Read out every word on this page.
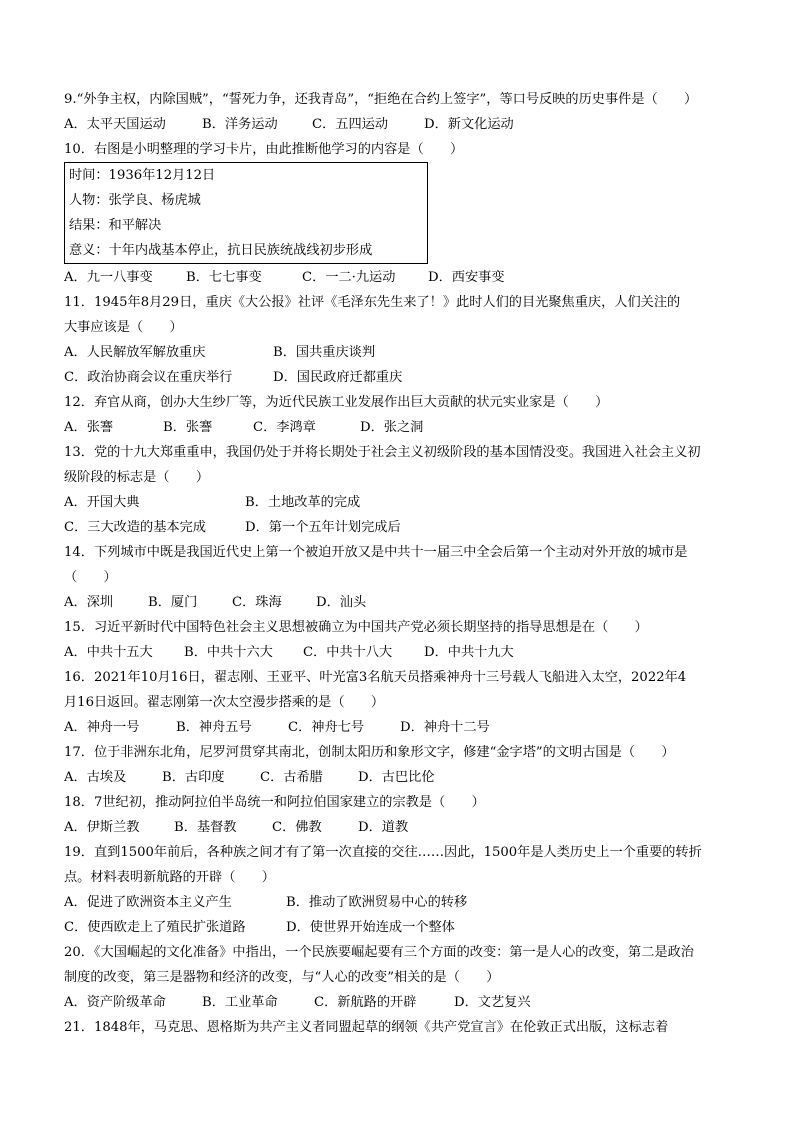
9.“外争主权，内除国贼”，“誓死力争，还我青岛”，“拒绝在合约上签字”，等口号反映的历史事件是（　　）
A．太平天国运动	B．洋务运动	C．五四运动	D．新文化运动
10．右图是小明整理的学习卡片，由此推断他学习的内容是（　　）
时间：1936年12月12日
人物：张学良、杨虎城
结果：和平解决
意义：十年内战基本停止，抗日民族统战线初步形成
A．九一八事变	B．七七事变	C．一二·九运动	D．西安事变
11．1945年8月29日，重庆《大公报》社评《毛泽东先生来了！》此时人们的目光聚焦重庆，人们关注的
大事应该是（　　）
A．人民解放军解放重庆	B．国共重庆谈判
C．政治协商会议在重庆举行	D．国民政府迁都重庆
12．弃官从商，创办大生纱厂等，为近代民族工业发展作出巨大贡献的状元实业家是（　　）
A．张謇	B．张謇	C．李鸿章	D．张之洞
13．党的十九大郑重重申，我国仍处于并将长期处于社会主义初级阶段的基本国情没变。我国进入社会主义初
级阶段的标志是（　　）
A．开国大典	B．土地改革的完成
C．三大改造的基本完成	D．第一个五年计划完成后
14．下列城市中既是我国近代史上第一个被迫开放又是中共十一届三中全会后第一个主动对外开放的城市是
（　　）
A．深圳	B．厦门	C．珠海	D．汕头
15．习近平新时代中国特色社会主义思想被确立为中国共产党必须长期坚持的指导思想是在（　　）
A．中共十五大	B．中共十六大	C．中共十八大	D．中共十九大
16．2021年10月16日，翟志刚、王亚平、叶光富3名航天员搭乘神舟十三号载人飞船进入太空，2022年4
月16日返回。翟志刚第一次太空漫步搭乘的是（　　）
A．神舟一号	B．神舟五号	C．神舟七号	D．神舟十二号
17．位于非洲东北角，尼罗河贯穿其南北，创制太阳历和象形文字，修建“金字塔”的文明古国是（　　）
A．古埃及	B．古印度	C．古希腊	D．古巴比伦
18．7世纪初，推动阿拉伯半岛统一和阿拉伯国家建立的宗教是（　　）
A．伊斯兰教	B．基督教	C．佛教	D．道教
19．直到1500年前后，各种族之间才有了第一次直接的交往……因此，1500年是人类历史上一个重要的转折
点。材料表明新航路的开辟（　　）
A．促进了欧洲资本主义产生	B．推动了欧洲贸易中心的转移
C．使西欧走上了殖民扩张道路	D．使世界开始连成一个整体
20．《大国崛起的文化准备》中指出，一个民族要崛起要有三个方面的改变：第一是人心的改变，第二是政治
制度的改变，第三是器物和经济的改变，与“人心的改变”相关的是（　　）
A．资产阶级革命	B．工业革命	C．新航路的开辟	D．文艺复兴
21．1848年，马克思、恩格斯为共产主义者同盟起草的纲领《共产党宣言》在伦敦正式出版，这标志着
